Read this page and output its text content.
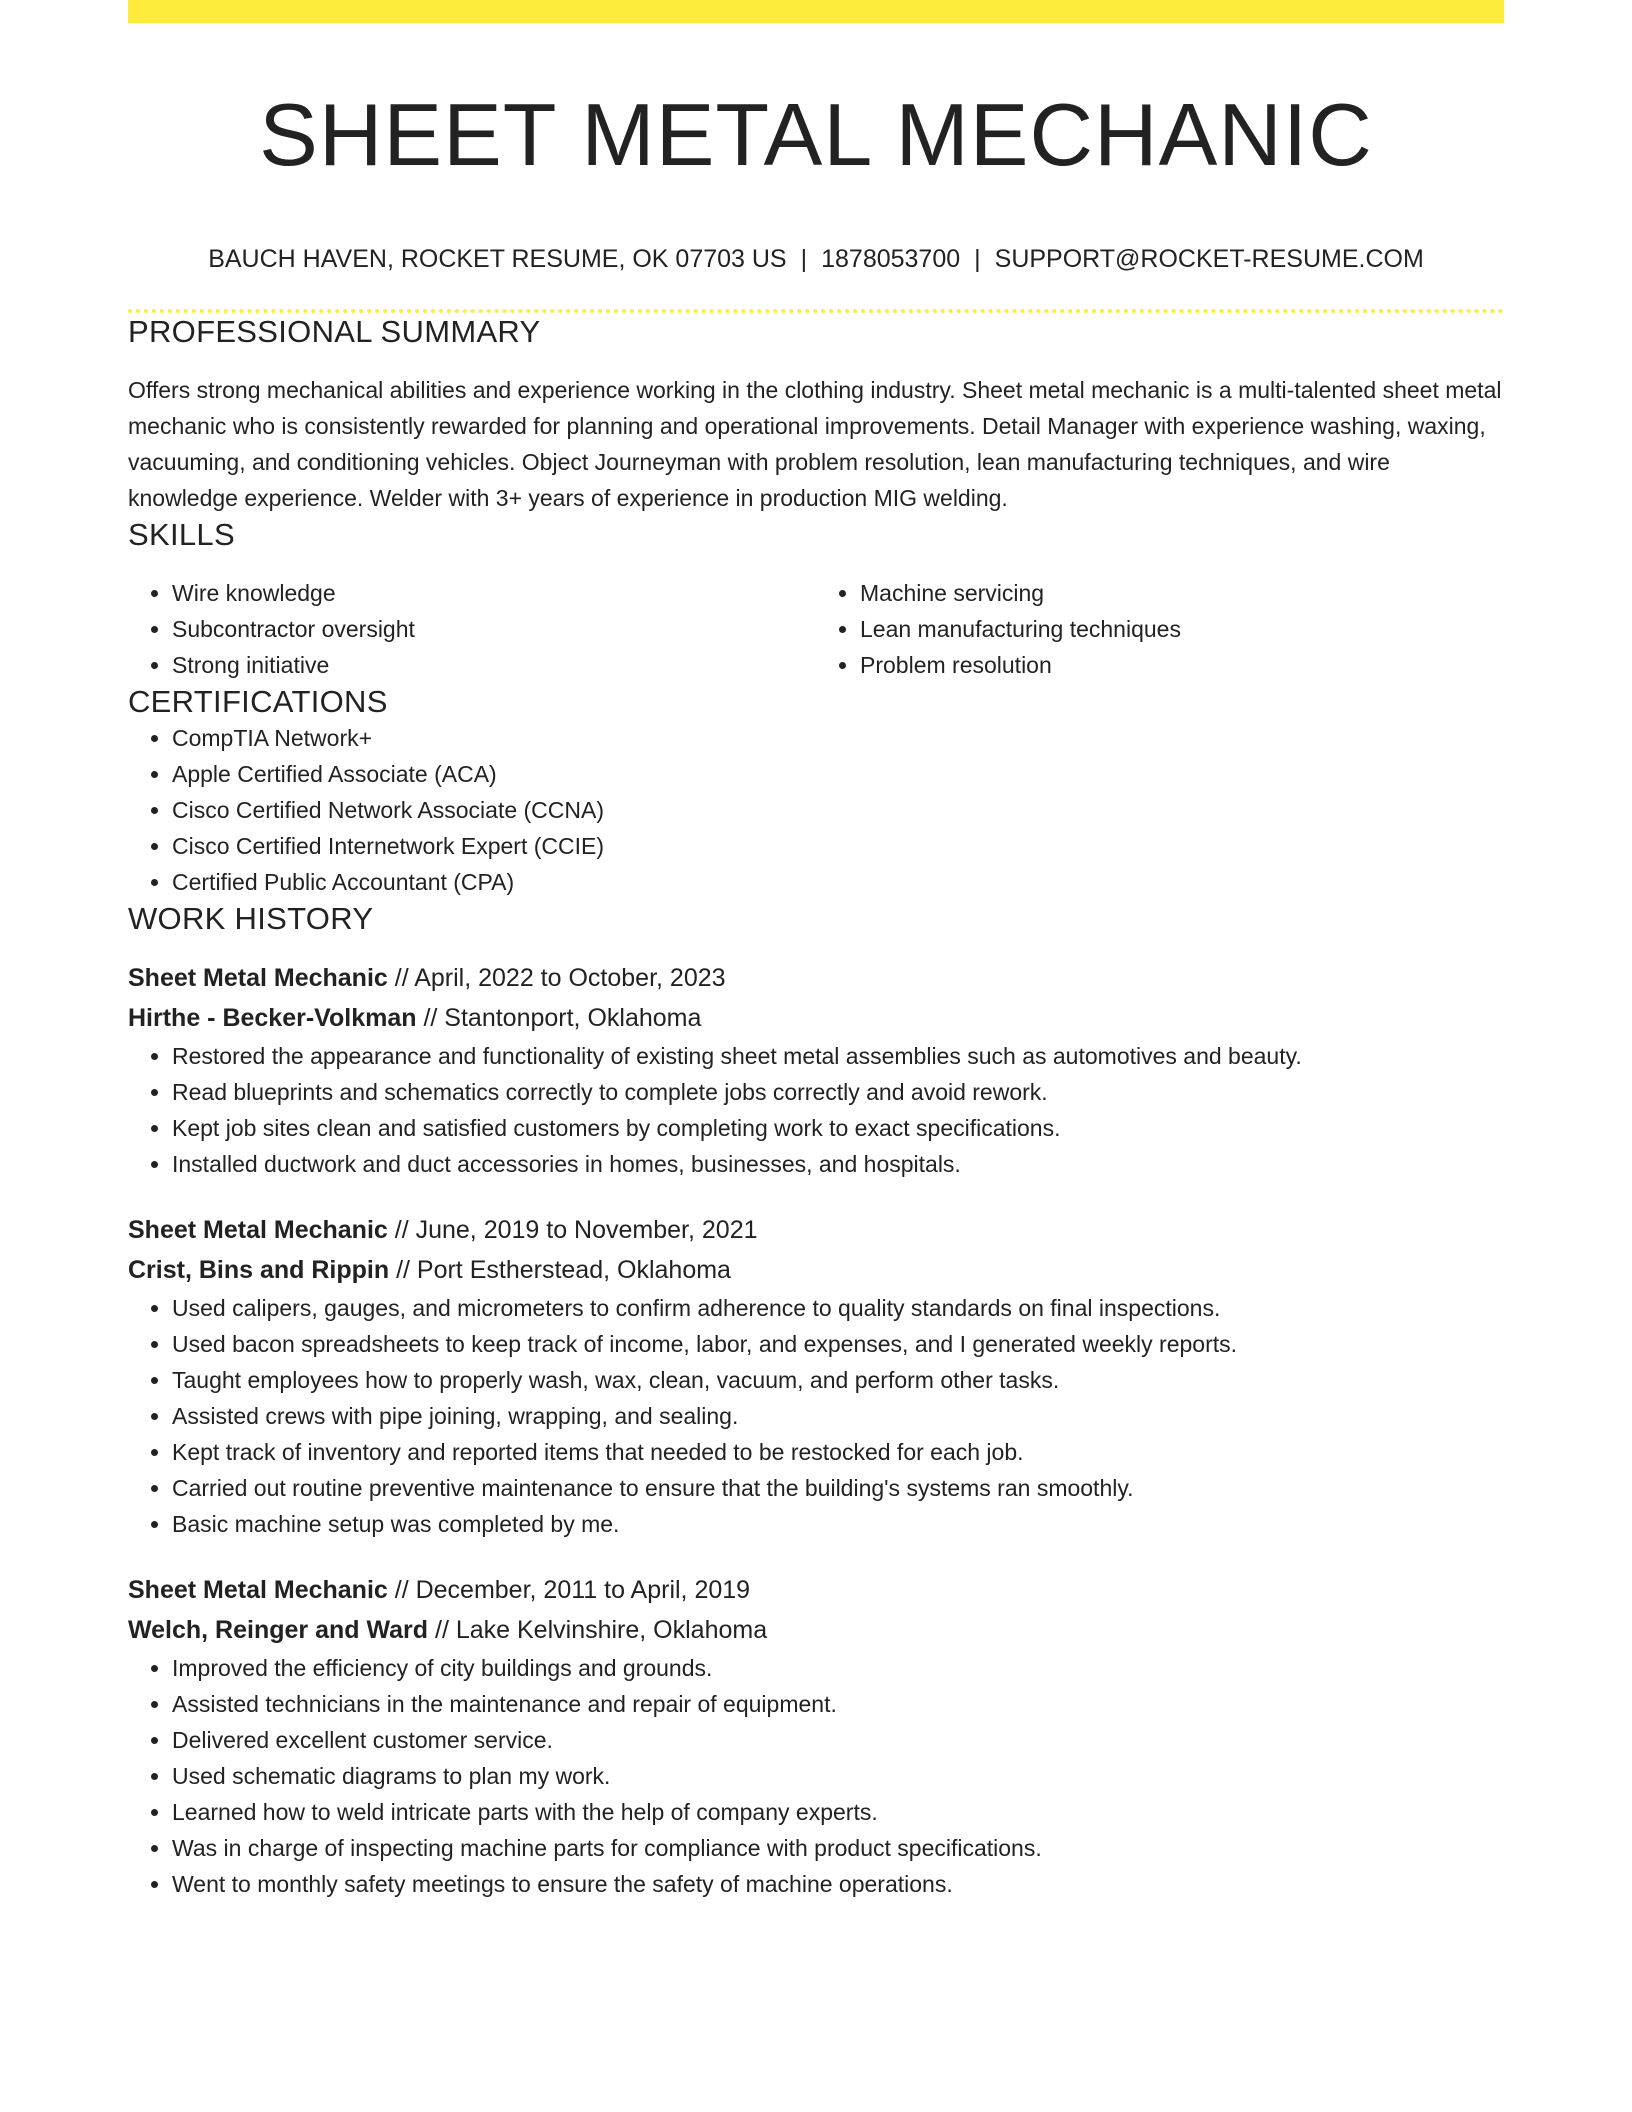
SHEET METAL MECHANIC
BAUCH HAVEN, ROCKET RESUME, OK 07703 US | 1878053700 | SUPPORT@ROCKET-RESUME.COM
PROFESSIONAL SUMMARY

Offers strong mechanical abilities and experience working in the clothing industry. Sheet metal mechanic is a multi-talented sheet metal mechanic who is consistently rewarded for planning and operational improvements. Detail Manager with experience washing, waxing, vacuuming, and conditioning vehicles. Object Journeyman with problem resolution, lean manufacturing techniques, and wire knowledge experience. Welder with 3+ years of experience in production MIG welding.

SKILLS
• Wire knowledge
• Subcontractor oversight
• Strong initiative
• Machine servicing
• Lean manufacturing techniques
• Problem resolution
CERTIFICATIONS
• CompTIA Network+
• Apple Certified Associate (ACA)
• Cisco Certified Network Associate (CCNA)
• Cisco Certified Internetwork Expert (CCIE)
• Certified Public Accountant (CPA)
WORK HISTORY
Sheet Metal Mechanic // April, 2022 to October, 2023
Hirthe - Becker-Volkman // Stantonport, Oklahoma
• Restored the appearance and functionality of existing sheet metal assemblies such as automotives and beauty.
• Read blueprints and schematics correctly to complete jobs correctly and avoid rework.
• Kept job sites clean and satisfied customers by completing work to exact specifications.
• Installed ductwork and duct accessories in homes, businesses, and hospitals.
Sheet Metal Mechanic // June, 2019 to November, 2021
Crist, Bins and Rippin // Port Estherstead, Oklahoma
• Used calipers, gauges, and micrometers to confirm adherence to quality standards on final inspections.
• Used bacon spreadsheets to keep track of income, labor, and expenses, and I generated weekly reports.
• Taught employees how to properly wash, wax, clean, vacuum, and perform other tasks.
• Assisted crews with pipe joining, wrapping, and sealing.
• Kept track of inventory and reported items that needed to be restocked for each job.
• Carried out routine preventive maintenance to ensure that the building's systems ran smoothly.
• Basic machine setup was completed by me.
Sheet Metal Mechanic // December, 2011 to April, 2019
Welch, Reinger and Ward // Lake Kelvinshire, Oklahoma
• Improved the efficiency of city buildings and grounds.
• Assisted technicians in the maintenance and repair of equipment.
• Delivered excellent customer service.
• Used schematic diagrams to plan my work.
• Learned how to weld intricate parts with the help of company experts.
• Was in charge of inspecting machine parts for compliance with product specifications.
• Went to monthly safety meetings to ensure the safety of machine operations.
